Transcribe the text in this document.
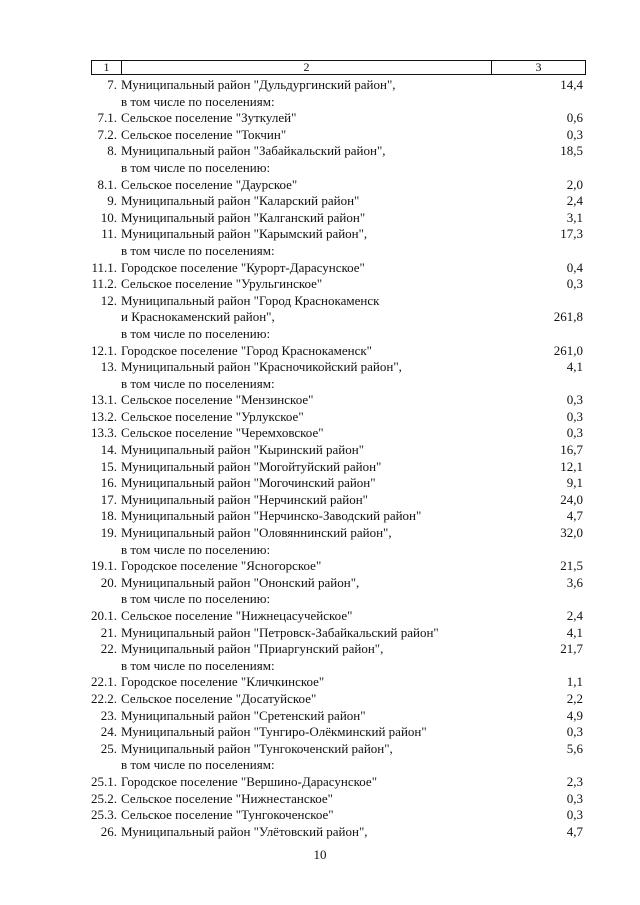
1	2	3
7. Муниципальный район "Дульдургинский район",	14,4
в том числе по поселениям:
7.1. Сельское поселение "Зуткулей"	0,6
7.2. Сельское поселение "Токчин"	0,3
8. Муниципальный район "Забайкальский район",	18,5
в том числе по поселению:
8.1. Сельское поселение "Даурское"	2,0
9. Муниципальный район "Каларский район"	2,4
10. Муниципальный район "Калганский район"	3,1
11. Муниципальный район "Карымский район",	17,3
в том числе по поселениям:
11.1. Городское поселение "Курорт-Дарасунское"	0,4
11.2. Сельское поселение "Урульгинское"	0,3
12. Муниципальный район "Город Краснокаменск
и Краснокаменский район",	261,8
в том числе по поселению:
12.1. Городское поселение "Город Краснокаменск"	261,0
13. Муниципальный район "Красночикойский район",	4,1
в том числе по поселениям:
13.1. Сельское поселение "Мензинское"	0,3
13.2. Сельское поселение "Урлукское"	0,3
13.3. Сельское поселение "Черемховское"	0,3
14. Муниципальный район "Кыринский район"	16,7
15. Муниципальный район "Могойтуйский район"	12,1
16. Муниципальный район "Могочинский район"	9,1
17. Муниципальный район "Нерчинский район"	24,0
18. Муниципальный район "Нерчинско-Заводский район"	4,7
19. Муниципальный район "Оловяннинский район",	32,0
в том числе по поселению:
19.1. Городское поселение "Ясногорское"	21,5
20. Муниципальный район "Ононский район",	3,6
в том числе по поселению:
20.1. Сельское поселение "Нижнецасучейское"	2,4
21. Муниципальный район "Петровск-Забайкальский район"	4,1
22. Муниципальный район "Приаргунский район",	21,7
в том числе по поселениям:
22.1. Городское поселение "Кличкинское"	1,1
22.2. Сельское поселение "Досатуйское"	2,2
23. Муниципальный район "Сретенский район"	4,9
24. Муниципальный район "Тунгиро-Олёкминский район"	0,3
25. Муниципальный район "Тунгокоченский район",	5,6
в том числе по поселениям:
25.1. Городское поселение "Вершино-Дарасунское"	2,3
25.2. Сельское поселение "Нижнестанское"	0,3
25.3. Сельское поселение "Тунгокоченское"	0,3
26. Муниципальный район "Улётовский район",	4,7
10
